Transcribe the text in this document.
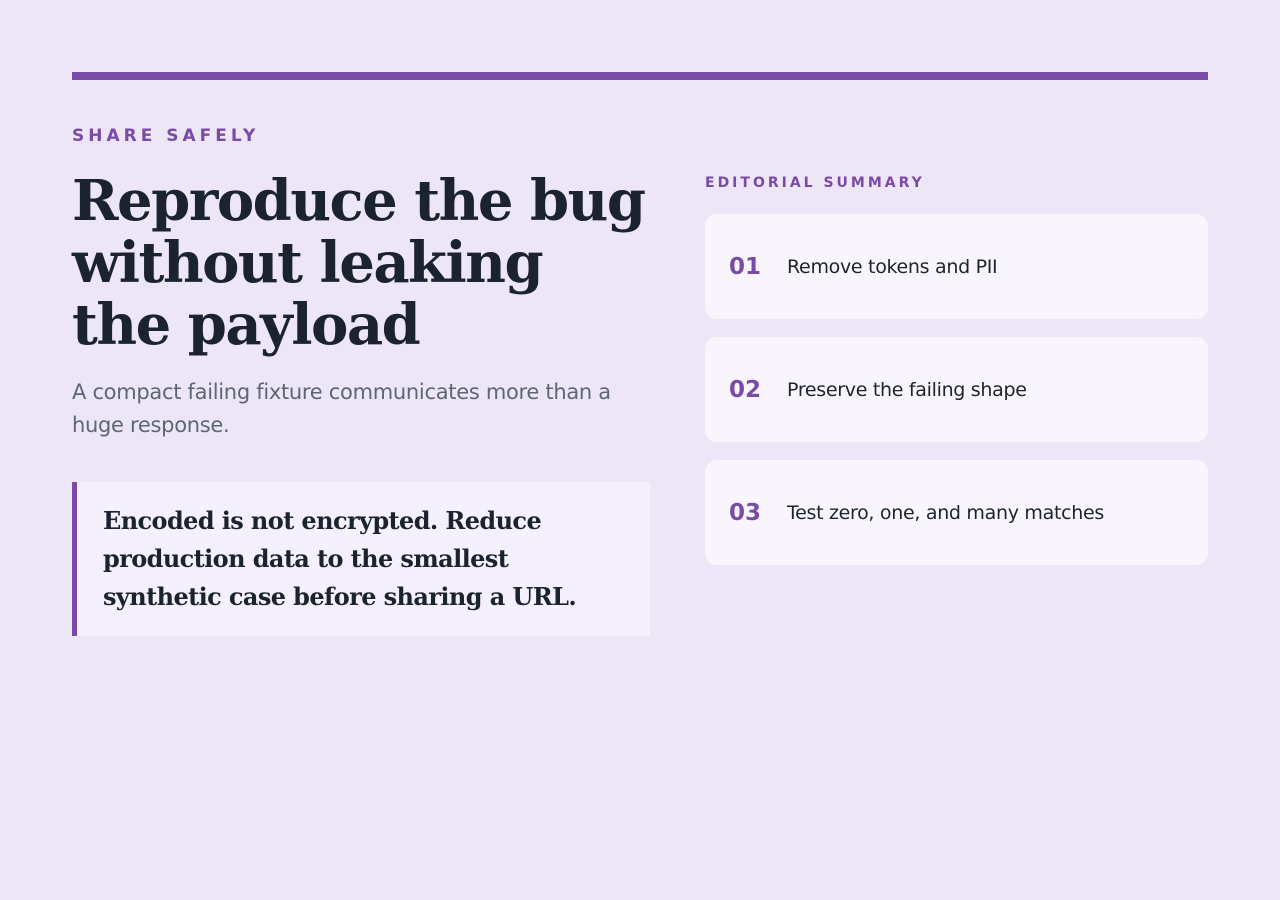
SHARE SAFELY

Reproduce the bug without leaking the payload

A compact failing fixture communicates more than a huge response.

Encoded is not encrypted. Reduce production data to the smallest synthetic case before sharing a URL.

EDITORIAL SUMMARY

01	Remove tokens and PII
02	Preserve the failing shape
03	Test zero, one, and many matches
